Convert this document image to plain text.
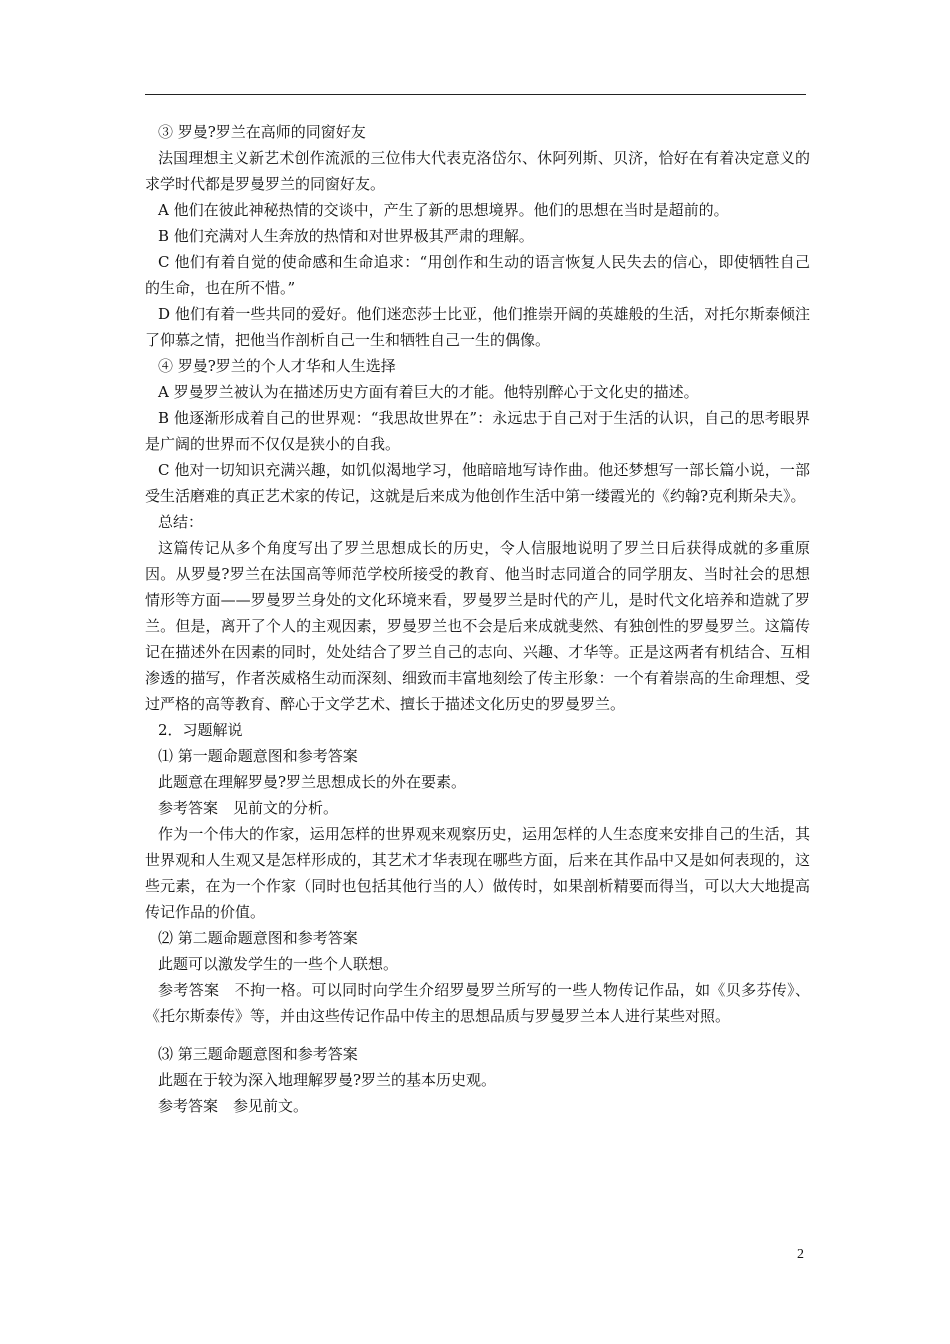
③ 罗曼?罗兰在高师的同窗好友

法国理想主义新艺术创作流派的三位伟大代表克洛岱尔、休阿列斯、贝济，恰好在有着决定意义的求学时代都是罗曼罗兰的同窗好友。

A 他们在彼此神秘热情的交谈中，产生了新的思想境界。他们的思想在当时是超前的。

B 他们充满对人生奔放的热情和对世界极其严肃的理解。

C 他们有着自觉的使命感和生命追求：“用创作和生动的语言恢复人民失去的信心，即使牺牲自己的生命，也在所不惜。”

D 他们有着一些共同的爱好。他们迷恋莎士比亚，他们推崇开阔的英雄般的生活，对托尔斯泰倾注了仰慕之情，把他当作剖析自己一生和牺牲自己一生的偶像。

④ 罗曼?罗兰的个人才华和人生选择

A 罗曼罗兰被认为在描述历史方面有着巨大的才能。他特别醉心于文化史的描述。

B 他逐渐形成着自己的世界观：“我思故世界在”：永远忠于自己对于生活的认识，自己的思考眼界是广阔的世界而不仅仅是狭小的自我。

C 他对一切知识充满兴趣，如饥似渴地学习，他暗暗地写诗作曲。他还梦想写一部长篇小说，一部受生活磨难的真正艺术家的传记，这就是后来成为他创作生活中第一缕霞光的《约翰?克利斯朵夫》。

总结：

这篇传记从多个角度写出了罗兰思想成长的历史，令人信服地说明了罗兰日后获得成就的多重原因。从罗曼?罗兰在法国高等师范学校所接受的教育、他当时志同道合的同学朋友、当时社会的思想情形等方面——罗曼罗兰身处的文化环境来看，罗曼罗兰是时代的产儿，是时代文化培养和造就了罗兰。但是，离开了个人的主观因素，罗曼罗兰也不会是后来成就斐然、有独创性的罗曼罗兰。这篇传记在描述外在因素的同时，处处结合了罗兰自己的志向、兴趣、才华等。正是这两者有机结合、互相渗透的描写，作者茨威格生动而深刻、细致而丰富地刻绘了传主形象：一个有着崇高的生命理想、受过严格的高等教育、醉心于文学艺术、擅长于描述文化历史的罗曼罗兰。

2．习题解说

⑴ 第一题命题意图和参考答案

此题意在理解罗曼?罗兰思想成长的外在要素。

参考答案　见前文的分析。

作为一个伟大的作家，运用怎样的世界观来观察历史，运用怎样的人生态度来安排自己的生活，其世界观和人生观又是怎样形成的，其艺术才华表现在哪些方面，后来在其作品中又是如何表现的，这些元素，在为一个作家（同时也包括其他行当的人）做传时，如果剖析精要而得当，可以大大地提高传记作品的价值。

⑵ 第二题命题意图和参考答案

此题可以激发学生的一些个人联想。

参考答案　不拘一格。可以同时向学生介绍罗曼罗兰所写的一些人物传记作品，如《贝多芬传》、《托尔斯泰传》等，并由这些传记作品中传主的思想品质与罗曼罗兰本人进行某些对照。

⑶ 第三题命题意图和参考答案

此题在于较为深入地理解罗曼?罗兰的基本历史观。

参考答案　参见前文。

2
